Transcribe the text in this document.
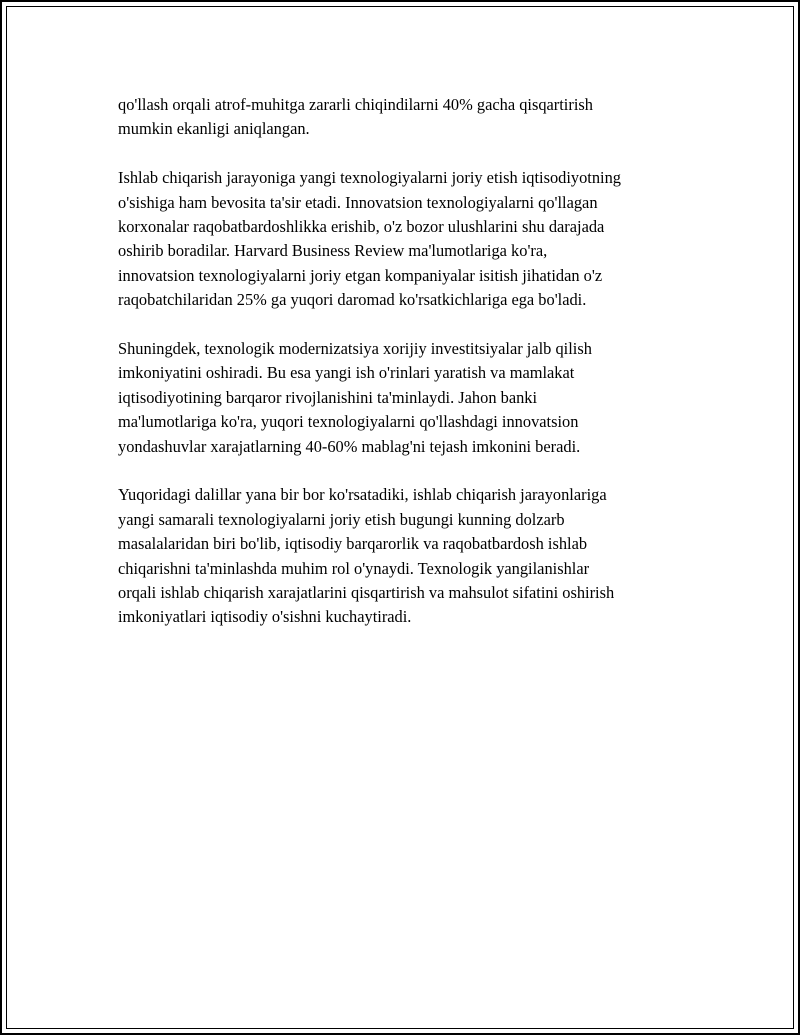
qo'llash orqali atrof-muhitga zararli chiqindilarni 40% gacha qisqartirish
mumkin ekanligi aniqlangan.

Ishlab chiqarish jarayoniga yangi texnologiyalarni joriy etish iqtisodiyotning
o'sishiga ham bevosita ta'sir etadi. Innovatsion texnologiyalarni qo'llagan
korxonalar raqobatbardoshlikka erishib, o'z bozor ulushlarini shu darajada
oshirib boradilar. Harvard Business Review ma'lumotlariga ko'ra,
innovatsion texnologiyalarni joriy etgan kompaniyalar isitish jihatidan o'z
raqobatchilaridan 25% ga yuqori daromad ko'rsatkichlariga ega bo'ladi.

Shuningdek, texnologik modernizatsiya xorijiy investitsiyalar jalb qilish
imkoniyatini oshiradi. Bu esa yangi ish o'rinlari yaratish va mamlakat
iqtisodiyotining barqaror rivojlanishini ta'minlaydi. Jahon banki
ma'lumotlariga ko'ra, yuqori texnologiyalarni qo'llashdagi innovatsion
yondashuvlar xarajatlarning 40-60% mablag'ni tejash imkonini beradi.

Yuqoridagi dalillar yana bir bor ko'rsatadiki, ishlab chiqarish jarayonlariga
yangi samarali texnologiyalarni joriy etish bugungi kunning dolzarb
masalalaridan biri bo'lib, iqtisodiy barqarorlik va raqobatbardosh ishlab
chiqarishni ta'minlashda muhim rol o'ynaydi. Texnologik yangilanishlar
orqali ishlab chiqarish xarajatlarini qisqartirish va mahsulot sifatini oshirish
imkoniyatlari iqtisodiy o'sishni kuchaytiradi.
